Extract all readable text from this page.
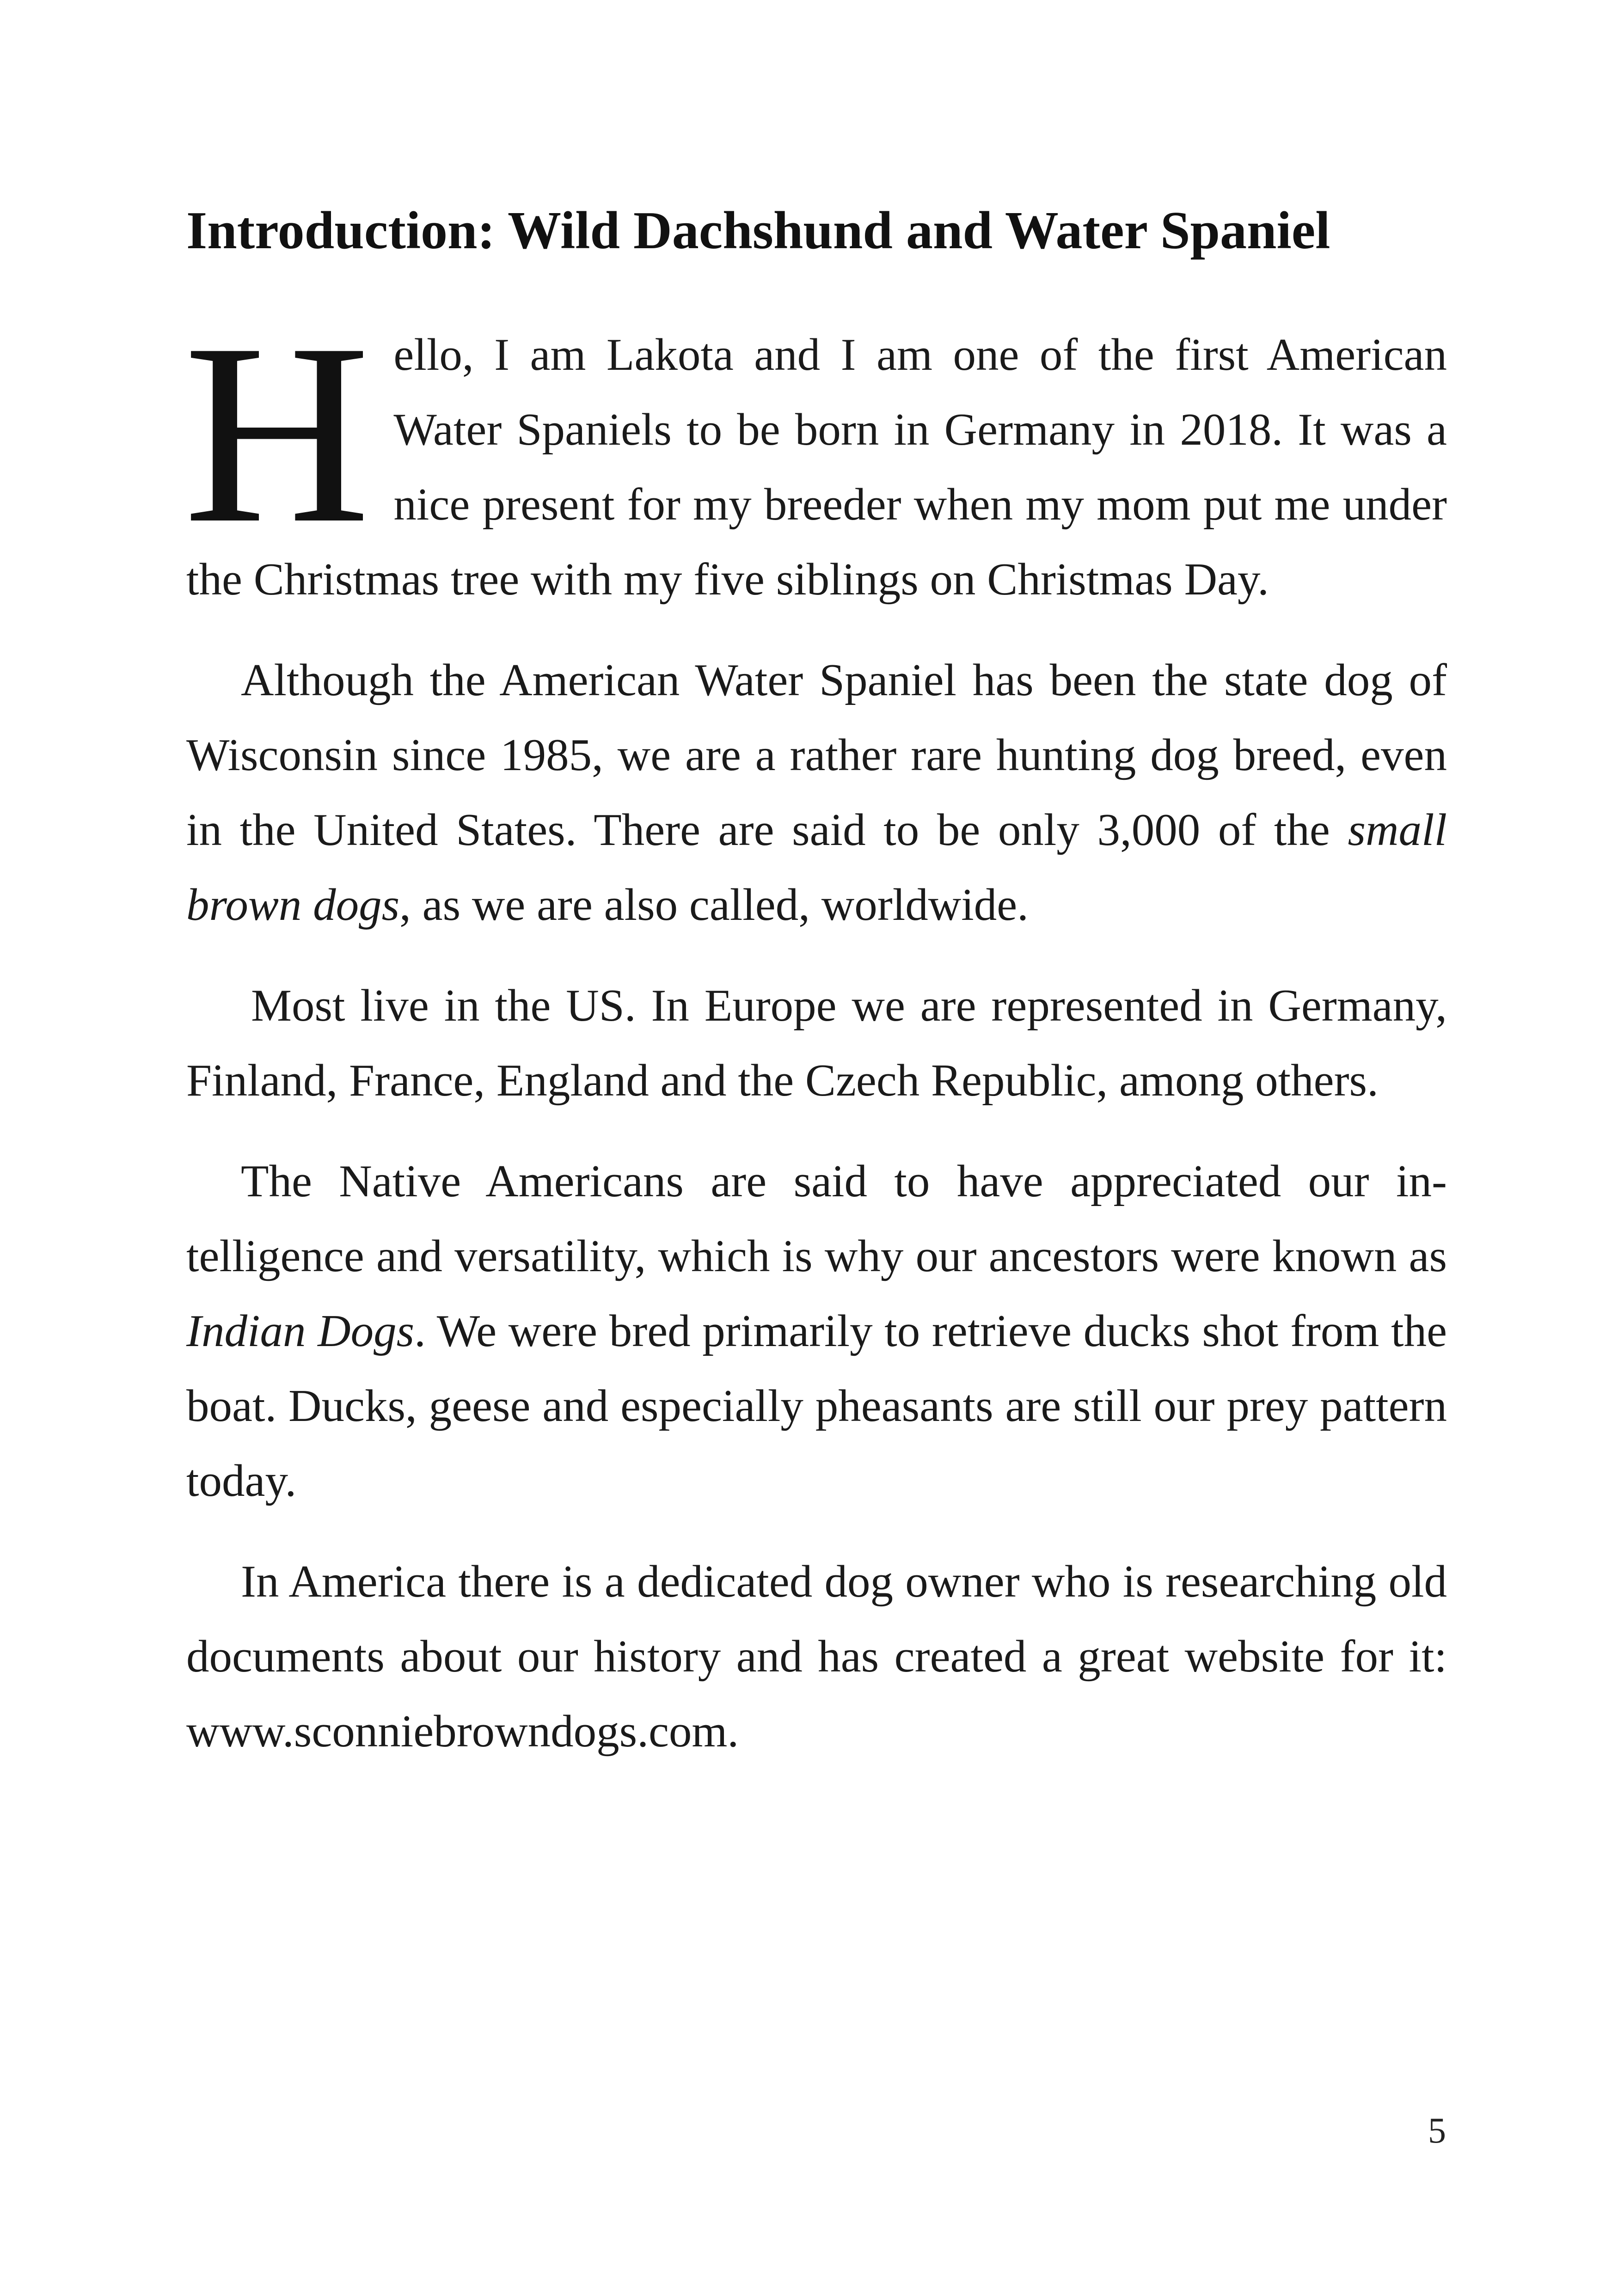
Introduction: Wild Dachshund and Water Spaniel

Hello, I am Lakota and I am one of the first American Water Spaniels to be born in Germany in 2018. It was a nice present for my breeder when my mom put me under the Christmas tree with my five siblings on Christmas Day.

Although the American Water Spaniel has been the state dog of Wisconsin since 1985, we are a rather rare hunting dog breed, even in the United States. There are said to be only 3,000 of the small brown dogs, as we are also called, worldwide.

Most live in the US. In Europe we are represented in Germany, Finland, France, England and the Czech Republic, among others.

The Native Americans are said to have appreciated our intelligence and versatility, which is why our ancestors were known as Indian Dogs. We were bred primarily to retrieve ducks shot from the boat. Ducks, geese and especially pheasants are still our prey pattern today.

In America there is a dedicated dog owner who is researching old documents about our history and has created a great website for it: www.sconniebrowndogs.com.

5
